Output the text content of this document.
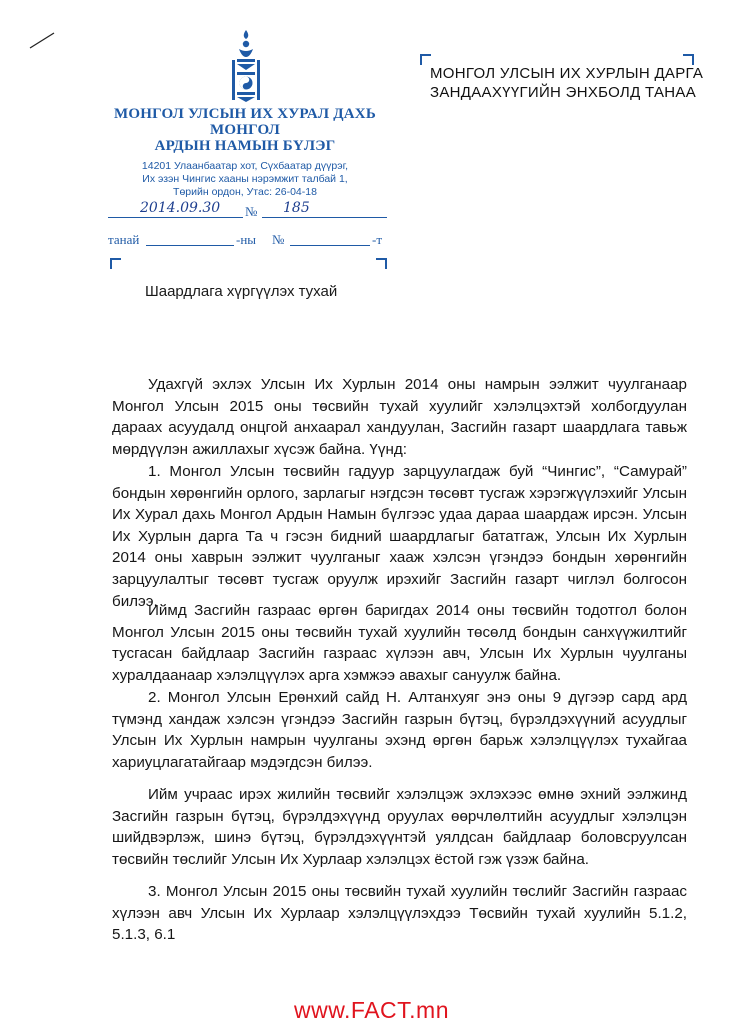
МОНГОЛ УЛСЫН ИХ ХУРАЛ ДАХЬ
МОНГОЛ
АРДЫН НАМЫН БҮЛЭГ
14201 Улаанбаатар хот, Сүхбаатар дүүрэг,
Их эзэн Чингис хааны нэрэмжит талбай 1,
Төрийн ордон, Утас: 26-04-18
МОНГОЛ УЛСЫН ИХ ХУРЛЫН ДАРГА
ЗАНДААХҮҮГИЙН ЭНХБОЛД ТАНАА
2014.09.30 № 185
танай	-ны №	-т
Шаардлага хүргүүлэх тухай

Удахгүй эхлэх Улсын Их Хурлын 2014 оны намрын ээлжит чуулганаар Монгол Улсын 2015 оны төсвийн тухай хуулийг хэлэлцэхтэй холбогдуулан дараах асуудалд онцгой анхаарал хандуулан, Засгийн газарт шаардлага тавьж мөрдүүлэн ажиллахыг хүсэж байна. Үүнд:

1. Монгол Улсын төсвийн гадуур зарцуулагдаж буй “Чингис”, “Самурай” бондын хөрөнгийн орлого, зарлагыг нэгдсэн төсөвт тусгаж хэрэгжүүлэхийг Улсын Их Хурал дахь Монгол Ардын Намын бүлгээс удаа дараа шаардаж ирсэн. Улсын Их Хурлын дарга Та ч гэсэн бидний шаардлагыг бататгаж, Улсын Их Хурлын 2014 оны хаврын ээлжит чуулганыг хааж хэлсэн үгэндээ бондын хөрөнгийн зарцуулалтыг төсөвт тусгаж оруулж ирэхийг Засгийн газарт чиглэл болгосон билээ.

Иймд Засгийн газраас өргөн баригдах 2014 оны төсвийн тодотгол болон Монгол Улсын 2015 оны төсвийн тухай хуулийн төсөлд бондын санхүүжилтийг тусгасан байдлаар Засгийн газраас хүлээн авч, Улсын Их Хурлын чуулганы хуралдаанаар хэлэлцүүлэх арга хэмжээ авахыг сануулж байна.

2. Монгол Улсын Ерөнхий сайд Н. Алтанхуяг энэ оны 9 дүгээр сард ард түмэнд хандаж хэлсэн үгэндээ Засгийн газрын бүтэц, бүрэлдэхүүний асуудлыг Улсын Их Хурлын намрын чуулганы эхэнд өргөн барьж хэлэлцүүлэх тухайгаа хариуцлагатайгаар мэдэгдсэн билээ.

Ийм учраас ирэх жилийн төсвийг хэлэлцэж эхлэхээс өмнө эхний ээлжинд Засгийн газрын бүтэц, бүрэлдэхүүнд оруулах өөрчлөлтийн асуудлыг хэлэлцэн шийдвэрлэж, шинэ бүтэц, бүрэлдэхүүнтэй уялдсан байдлаар боловсруулсан төсвийн төслийг Улсын Их Хурлаар хэлэлцэх ёстой гэж үзэж байна.

3. Монгол Улсын 2015 оны төсвийн тухай хуулийн төслийг Засгийн газраас хүлээн авч Улсын Их Хурлаар хэлэлцүүлэхдээ Төсвийн тухай хуулийн 5.1.2, 5.1.3, 6.1

www.FACT.mn
